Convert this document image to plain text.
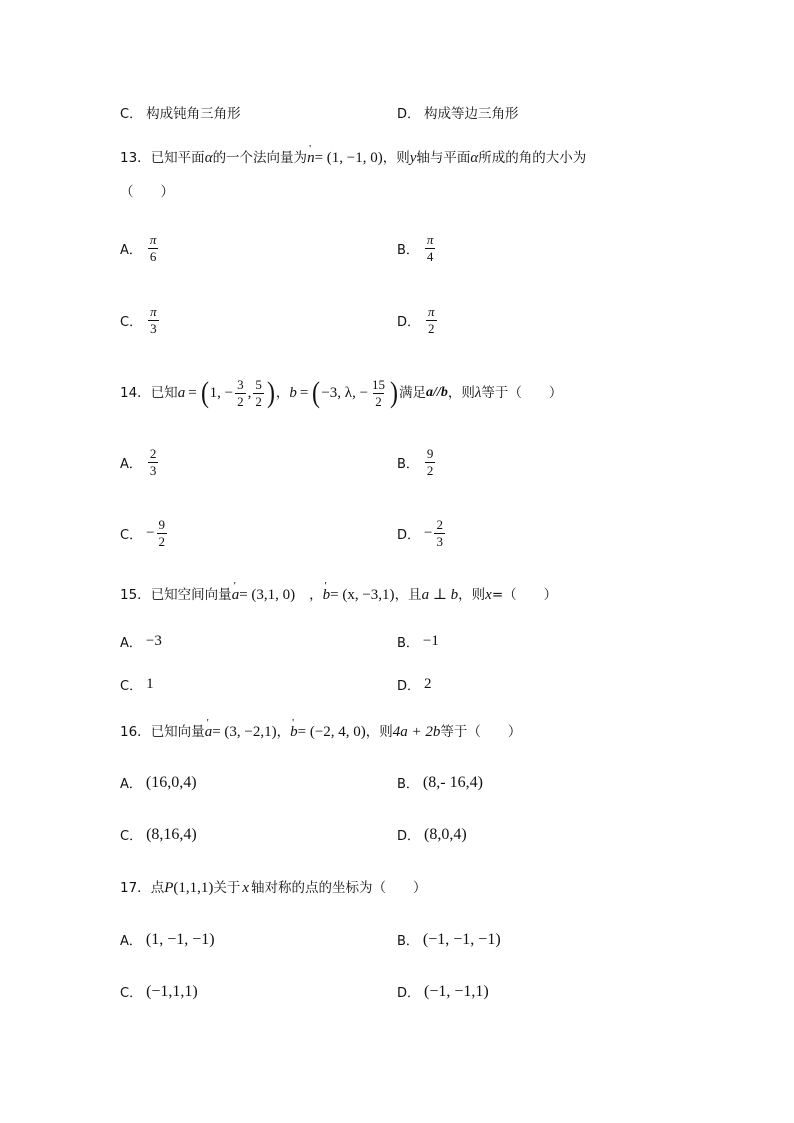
C． 构成钝角三角形	D． 构成等边三角形
13． 已知平面 α 的一个法向量为 ' n = (1, −1, 0) ，则 y 轴与平面 α 所成的角的大小为
（　　）
A． $\frac{\pi}{6}$	B． $\frac{\pi}{4}$
C． $\frac{\pi}{3}$	D． $\frac{\pi}{2}$
14． 已知 a = ( 1, − $\frac{3}{2}$ , $\frac{5}{2}$ ) ， b = ( −3, λ, − $\frac{15}{2}$ ) 满足 a//b ，则 λ 等于（　　）
A． $\frac{2}{3}$	B． $\frac{9}{2}$
C． − $\frac{9}{2}$	D． − $\frac{2}{3}$
15． 已知空间向量 ' a = (3,1, 0) ， ' b = (x, −3,1) ，且 a ⊥ b ，则 x =（　　）
A． −3	B． −1
C． 1	D． 2
16． 已知向量 ' a = (3, −2,1) ， ' b = (−2, 4, 0) ，则 4a + 2b 等于（　　）
A． (16,0,4)	B． (8,- 16,4)
C． (8,16,4)	D． (8,0,4)
17． 点 P (1,1,1) 关于 x 轴对称的点的坐标为（　　）
A． (1, −1, −1)	B． (−1, −1, −1)
C． (−1,1,1)	D． (−1, −1,1)
